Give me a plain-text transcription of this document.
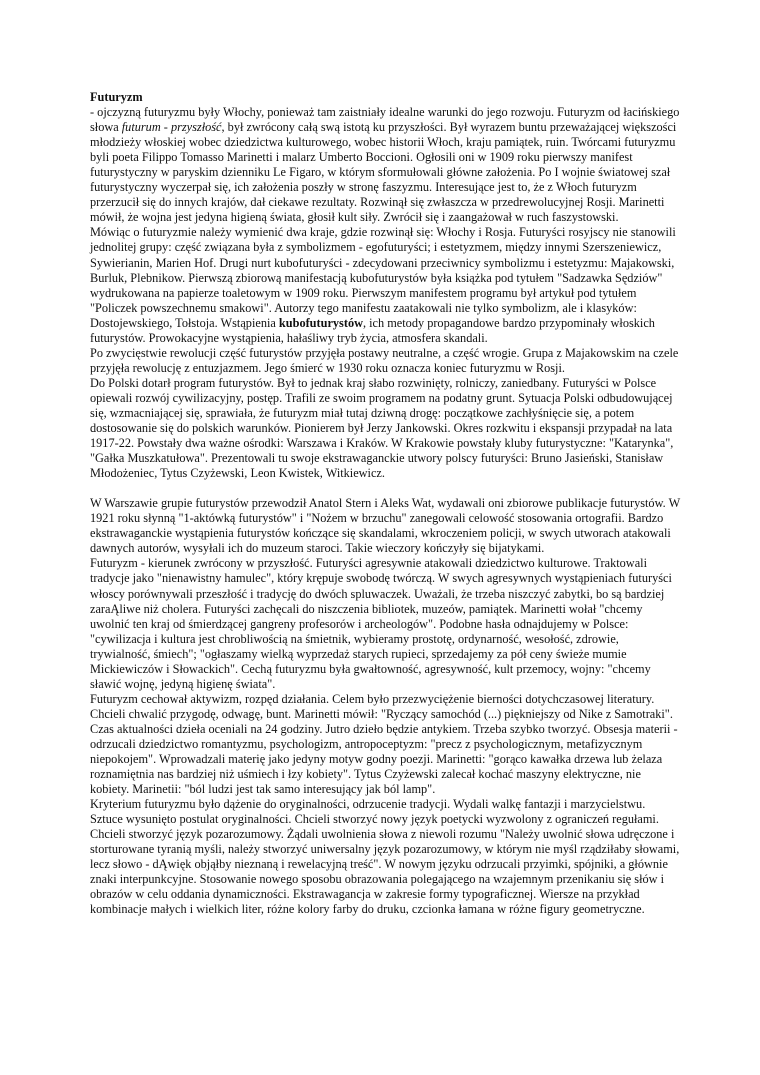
Futuryzm

- ojczyzną futuryzmu były Włochy, ponieważ tam zaistniały idealne warunki do jego rozwoju. Futuryzm od łacińskiego słowa futurum - przyszłość, był zwrócony całą swą istotą ku przyszłości. Był wyrazem buntu przeważającej większości młodzieży włoskiej wobec dziedzictwa kulturowego, wobec historii Włoch, kraju pamiątek, ruin. Twórcami futuryzmu byli poeta Filippo Tomasso Marinetti i malarz Umberto Boccioni. Ogłosili oni w 1909 roku pierwszy manifest futurystyczny w paryskim dzienniku Le Figaro, w którym sformułowali główne założenia. Po I wojnie światowej szał futurystyczny wyczerpał się, ich założenia poszły w stronę faszyzmu. Interesujące jest to, że z Włoch futuryzm przerzucił się do innych krajów, dał ciekawe rezultaty. Rozwinął się zwłaszcza w przedrewolucyjnej Rosji. Marinetti mówił, że wojna jest jedyna higieną świata, głosił kult siły. Zwrócił się i zaangażował w ruch faszystowski.

Mówiąc o futuryzmie należy wymienić dwa kraje, gdzie rozwinął się: Włochy i Rosja. Futuryści rosyjscy nie stanowili jednolitej grupy: część związana była z symbolizmem - egofuturyści; i estetyzmem, między innymi Szerszeniewicz, Sywierianin, Marien Hof. Drugi nurt kubofuturyści - zdecydowani przeciwnicy symbolizmu i estetyzmu: Majakowski, Burluk, Plebnikow. Pierwszą zbiorową manifestacją kubofuturystów była książka pod tytułem "Sadzawka Sędziów" wydrukowana na papierze toaletowym w 1909 roku. Pierwszym manifestem programu był artykuł pod tytułem "Policzek powszechnemu smakowi". Autorzy tego manifestu zaatakowali nie tylko symbolizm, ale i klasyków: Dostojewskiego, Tołstoja. Wstąpienia kubofuturystów, ich metody propagandowe bardzo przypominały włoskich futurystów. Prowokacyjne wystąpienia, hałaśliwy tryb życia, atmosfera skandali.

Po zwycięstwie rewolucji część futurystów przyjęła postawy neutralne, a część wrogie. Grupa z Majakowskim na czele przyjęła rewolucję z entuzjazmem. Jego śmierć w 1930 roku oznacza koniec futuryzmu w Rosji.

Do Polski dotarł program futurystów. Był to jednak kraj słabo rozwinięty, rolniczy, zaniedbany. Futuryści w Polsce opiewali rozwój cywilizacyjny, postęp. Trafili ze swoim programem na podatny grunt. Sytuacja Polski odbudowującej się, wzmacniającej się, sprawiała, że futuryzm miał tutaj dziwną drogę: początkowe zachłyśnięcie się, a potem dostosowanie się do polskich warunków. Pionierem był Jerzy Jankowski. Okres rozkwitu i ekspansji przypadał na lata 1917-22. Powstały dwa ważne ośrodki: Warszawa i Kraków. W Krakowie powstały kluby futurystyczne: "Katarynka", "Gałka Muszkatułowa". Prezentowali tu swoje ekstrawaganckie utwory polscy futuryści: Bruno Jasieński, Stanisław Młodożeniec, Tytus Czyżewski, Leon Kwistek, Witkiewicz.

W Warszawie grupie futurystów przewodził Anatol Stern i Aleks Wat, wydawali oni zbiorowe publikacje futurystów. W 1921 roku słynną "1-aktówką futurystów" i "Nożem w brzuchu" zanegowali celowość stosowania ortografii. Bardzo ekstrawaganckie wystąpienia futurystów kończące się skandalami, wkroczeniem policji, w swych utworach atakowali dawnych autorów, wysyłali ich do muzeum staroci. Takie wieczory kończyły się bijatykami.

Futuryzm - kierunek zwrócony w przyszłość. Futuryści agresywnie atakowali dziedzictwo kulturowe. Traktowali tradycje jako "nienawistny hamulec", który krępuje swobodę twórczą. W swych agresywnych wystąpieniach futuryści włoscy porównywali przeszłość i tradycję do dwóch spluwaczek. Uważali, że trzeba niszczyć zabytki, bo są bardziej zaraĄliwe niż cholera. Futuryści zachęcali do niszczenia bibliotek, muzeów, pamiątek. Marinetti wołał "chcemy uwolnić ten kraj od śmierdzącej gangreny profesorów i archeologów". Podobne hasła odnajdujemy w Polsce: "cywilizacja i kultura jest chrobliwością na śmietnik, wybieramy prostotę, ordynarność, wesołość, zdrowie, trywialność, śmiech"; "ogłaszamy wielką wyprzedaż starych rupieci, sprzedajemy za pół ceny świeże mumie Mickiewiczów i Słowackich". Cechą futuryzmu była gwałtowność, agresywność, kult przemocy, wojny: "chcemy sławić wojnę, jedyną higienę świata".

Futuryzm cechował aktywizm, rozpęd działania. Celem było przezwyciężenie bierności dotychczasowej literatury. Chcieli chwalić przygodę, odwagę, bunt. Marinetti mówił: "Ryczący samochód (...) piękniejszy od Nike z Samotraki". Czas aktualności dzieła oceniali na 24 godziny. Jutro dzieło będzie antykiem. Trzeba szybko tworzyć. Obsesja materii - odrzucali dziedzictwo romantyzmu, psychologizm, antropoceptyzm: "precz z psychologicznym, metafizycznym niepokojem". Wprowadzali materię jako jedyny motyw godny poezji. Marinetti: "gorąco kawałka drzewa lub żelaza roznamiętnia nas bardziej niż uśmiech i łzy kobiety". Tytus Czyżewski zalecał kochać maszyny elektryczne, nie kobiety. Marinetii: "ból ludzi jest tak samo interesujący jak ból lamp".

Kryterium futuryzmu było dążenie do oryginalności, odrzucenie tradycji. Wydali walkę fantazji i marzycielstwu. Sztuce wysunięto postulat oryginalności. Chcieli stworzyć nowy język poetycki wyzwolony z ograniczeń regułami. Chcieli stworzyć język pozarozumowy. Żądali uwolnienia słowa z niewoli rozumu "Należy uwolnić słowa udręczone i storturowane tyranią myśli, należy stworzyć uniwersalny język pozarozumowy, w którym nie myśl rządziłaby słowami, lecz słowo - dĄwięk objąłby nieznaną i rewelacyjną treść". W nowym języku odrzucali przyimki, spójniki, a głównie znaki interpunkcyjne. Stosowanie nowego sposobu obrazowania polegającego na wzajemnym przenikaniu się słów i obrazów w celu oddania dynamiczności. Ekstrawagancja w zakresie formy typograficznej. Wiersze na przykład kombinacje małych i wielkich liter, różne kolory farby do druku, czcionka łamana w różne figury geometryczne.
